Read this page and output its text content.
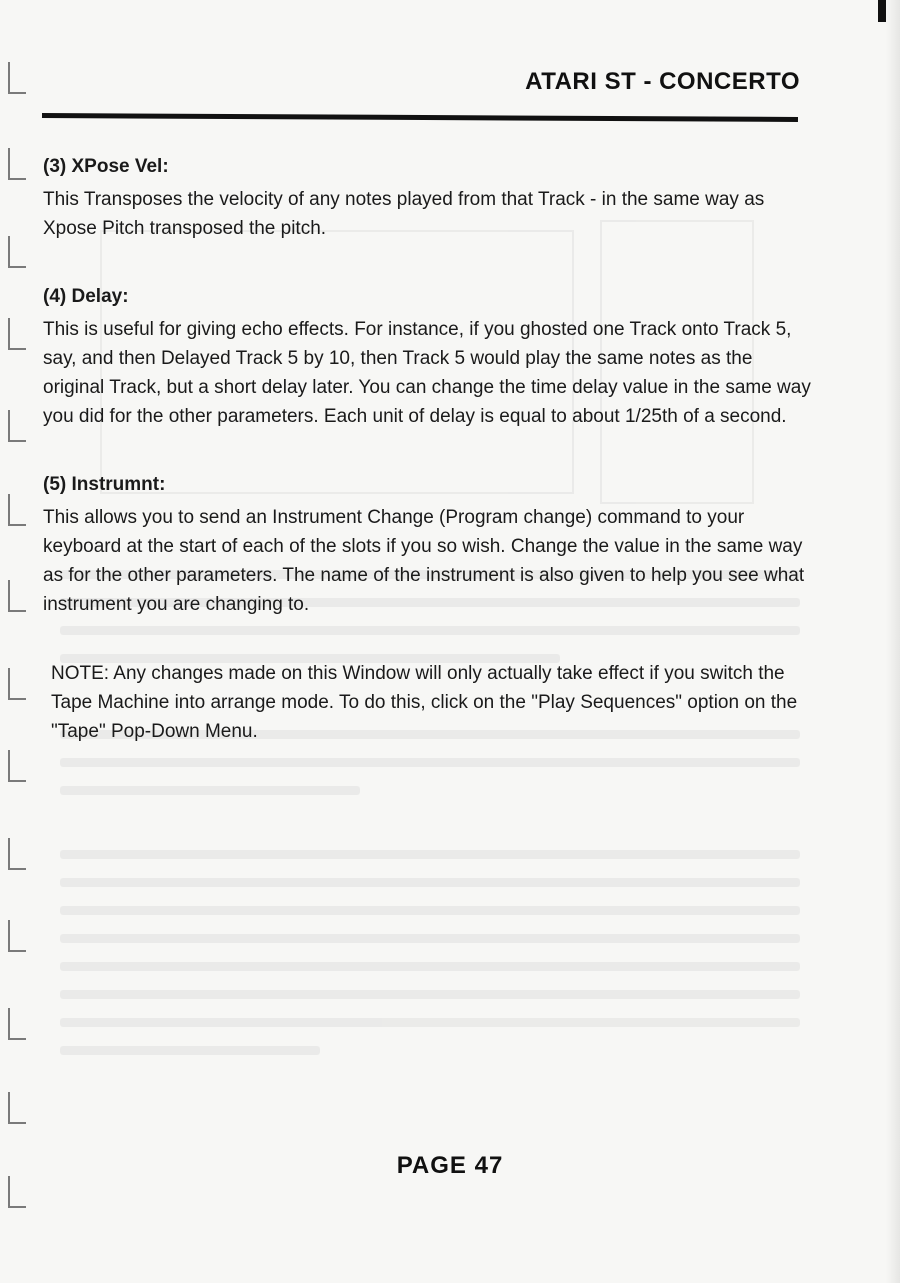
ATARI ST - CONCERTO
(3) XPose Vel:

This Transposes the velocity of any notes played from that Track - in the same way as Xpose Pitch transposed the pitch.

(4) Delay:

This is useful for giving echo effects. For instance, if you ghosted one Track onto Track 5, say, and then Delayed Track 5 by 10, then Track 5 would play the same notes as the original Track, but a short delay later. You can change the time delay value in the same way you did for the other parameters. Each unit of delay is equal to about 1/25th of a second.

(5) Instrumnt:

This allows you to send an Instrument Change (Program change) command to your keyboard at the start of each of the slots if you so wish. Change the value in the same way as for the other parameters. The name of the instrument is also given to help you see what instrument you are changing to.

NOTE: Any changes made on this Window will only actually take effect if you switch the Tape Machine into arrange mode. To do this, click on the "Play Sequences" option on the "Tape" Pop-Down Menu.

PAGE 47
